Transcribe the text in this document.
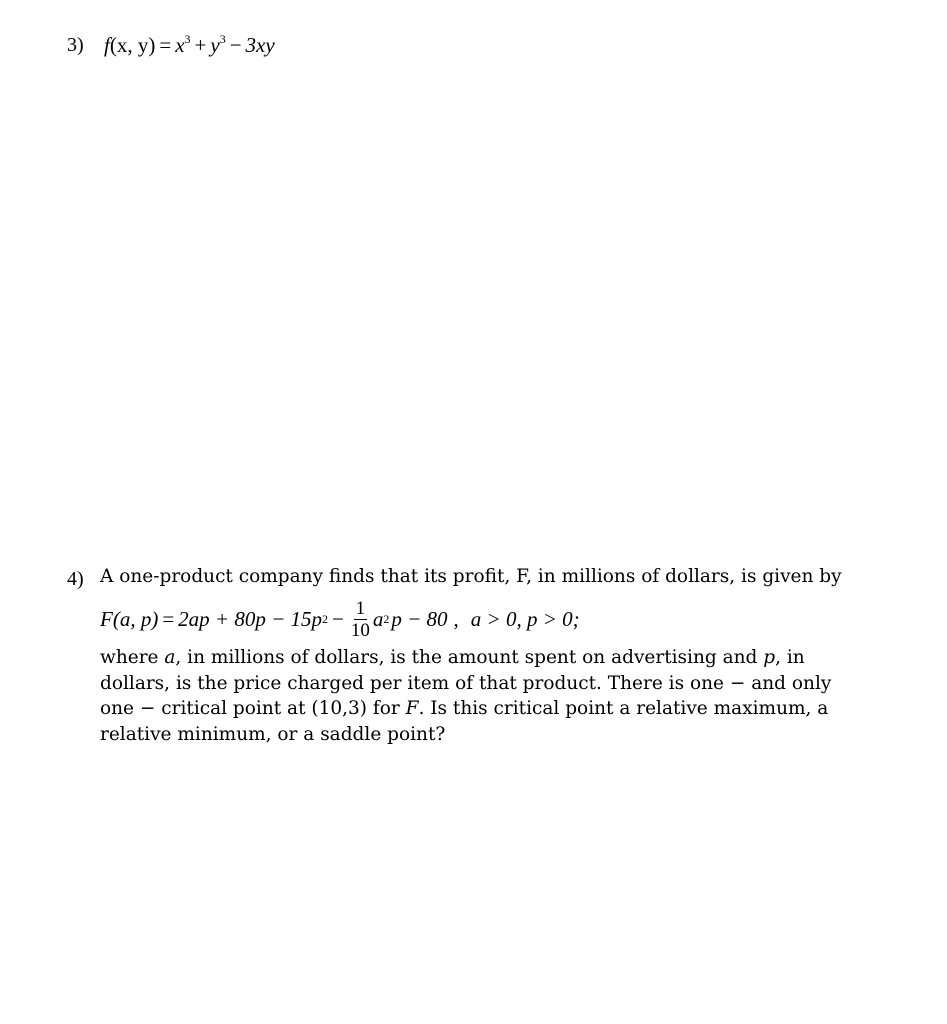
3) f(x, $y) = x^3 + y^3 - 3xy$
4) A one-product company finds that its profit, F, in millions of dollars, is given by
F(a, p) = 2ap + 80p − 15p $2 - \frac{1}{10}$ a 2 p − 80 , a > 0, p > 0;

where a, in millions of dollars, is the amount spent on advertising and p, in

dollars, is the price charged per item of that product. There is one − and only

one − critical point at (10,3) for F. Is this critical point a relative maximum, a

relative minimum, or a saddle point?
